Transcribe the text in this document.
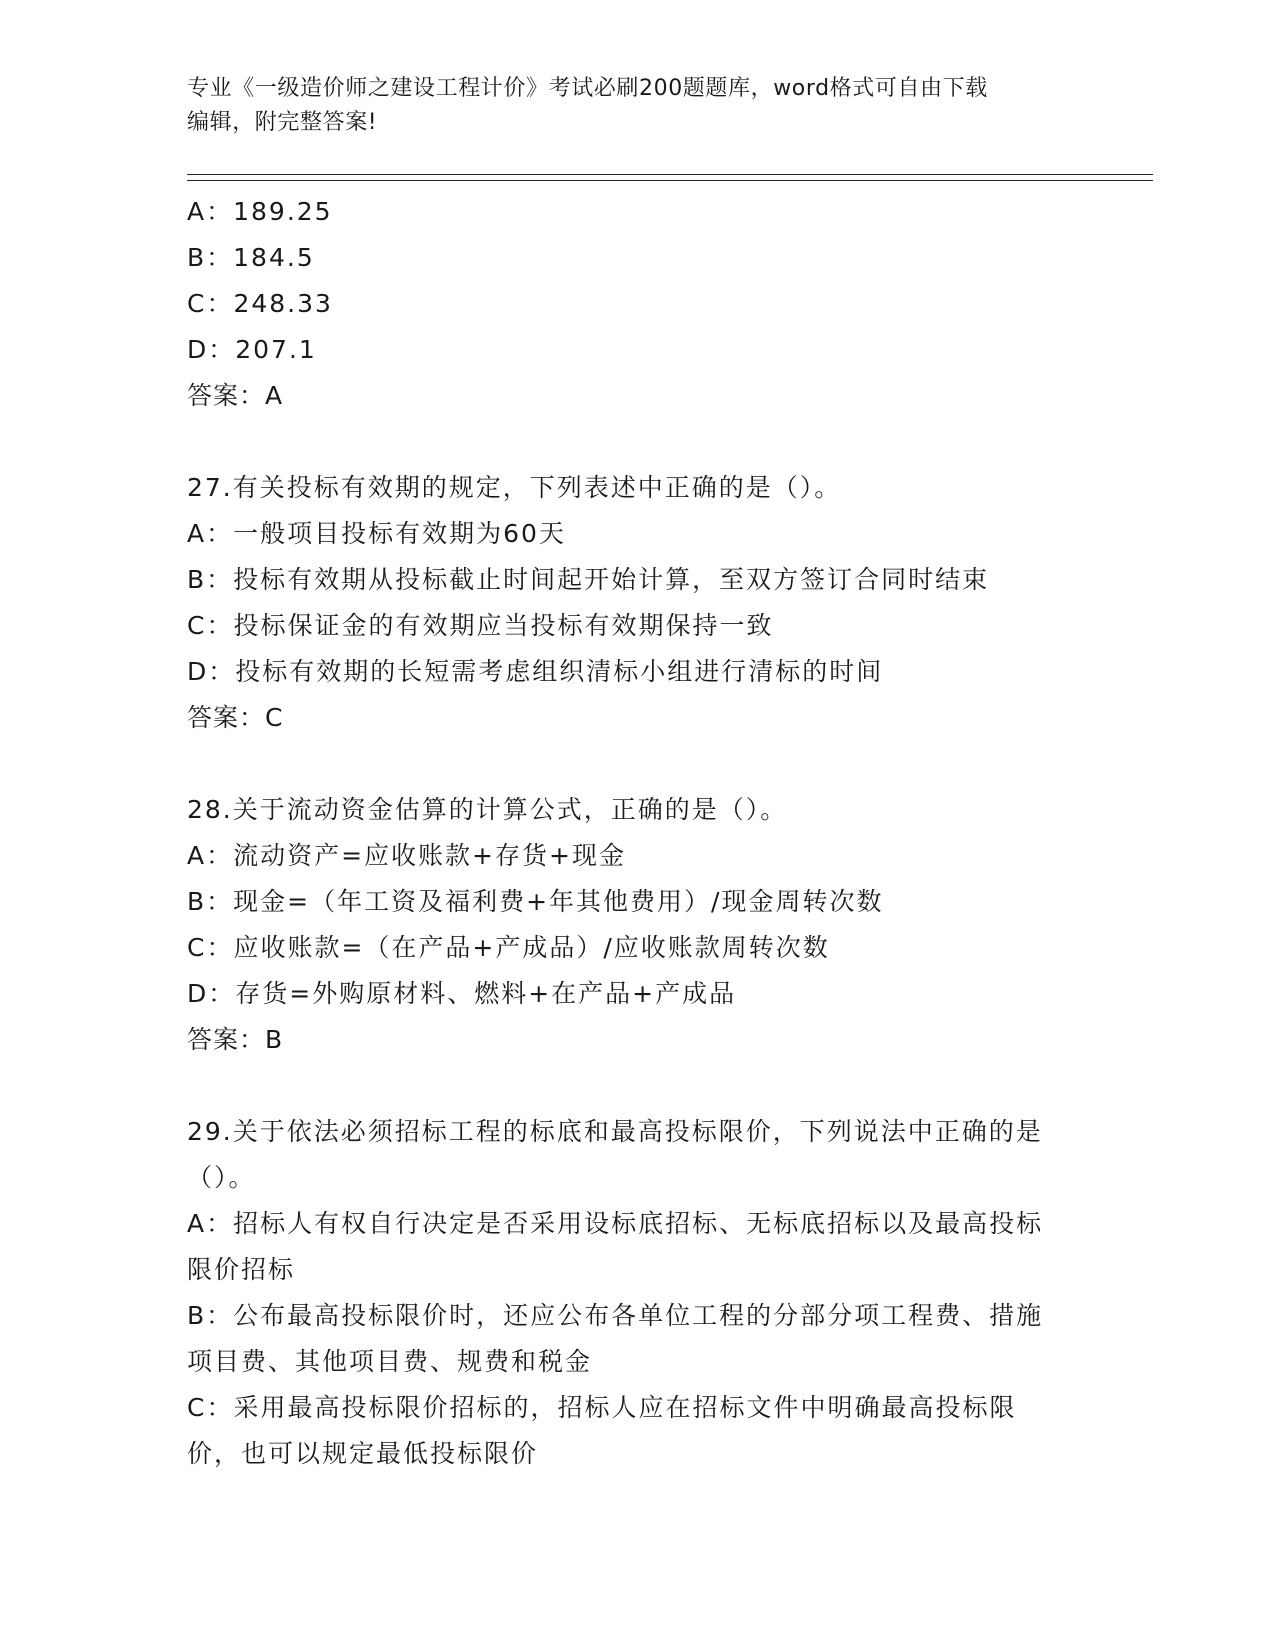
专业《一级造价师之建设工程计价》考试必刷200题题库，word格式可自由下载
编辑，附完整答案!
A：189.25
B：184.5
C：248.33
D：207.1
答案：A
27.有关投标有效期的规定，下列表述中正确的是（）。
A：一般项目投标有效期为60天
B：投标有效期从投标截止时间起开始计算，至双方签订合同时结束
C：投标保证金的有效期应当投标有效期保持一致
D：投标有效期的长短需考虑组织清标小组进行清标的时间
答案：C
28.关于流动资金估算的计算公式，正确的是（）。
A：流动资产=应收账款+存货+现金
B：现金=（年工资及福利费+年其他费用）/现金周转次数
C：应收账款=（在产品+产成品）/应收账款周转次数
D：存货=外购原材料、燃料+在产品+产成品
答案：B
29.关于依法必须招标工程的标底和最高投标限价，下列说法中正确的是（）。
A：招标人有权自行决定是否采用设标底招标、无标底招标以及最高投标限价招标
B：公布最高投标限价时，还应公布各单位工程的分部分项工程费、措施项目费、其他项目费、规费和税金
C：采用最高投标限价招标的，招标人应在招标文件中明确最高投标限价，也可以规定最低投标限价
